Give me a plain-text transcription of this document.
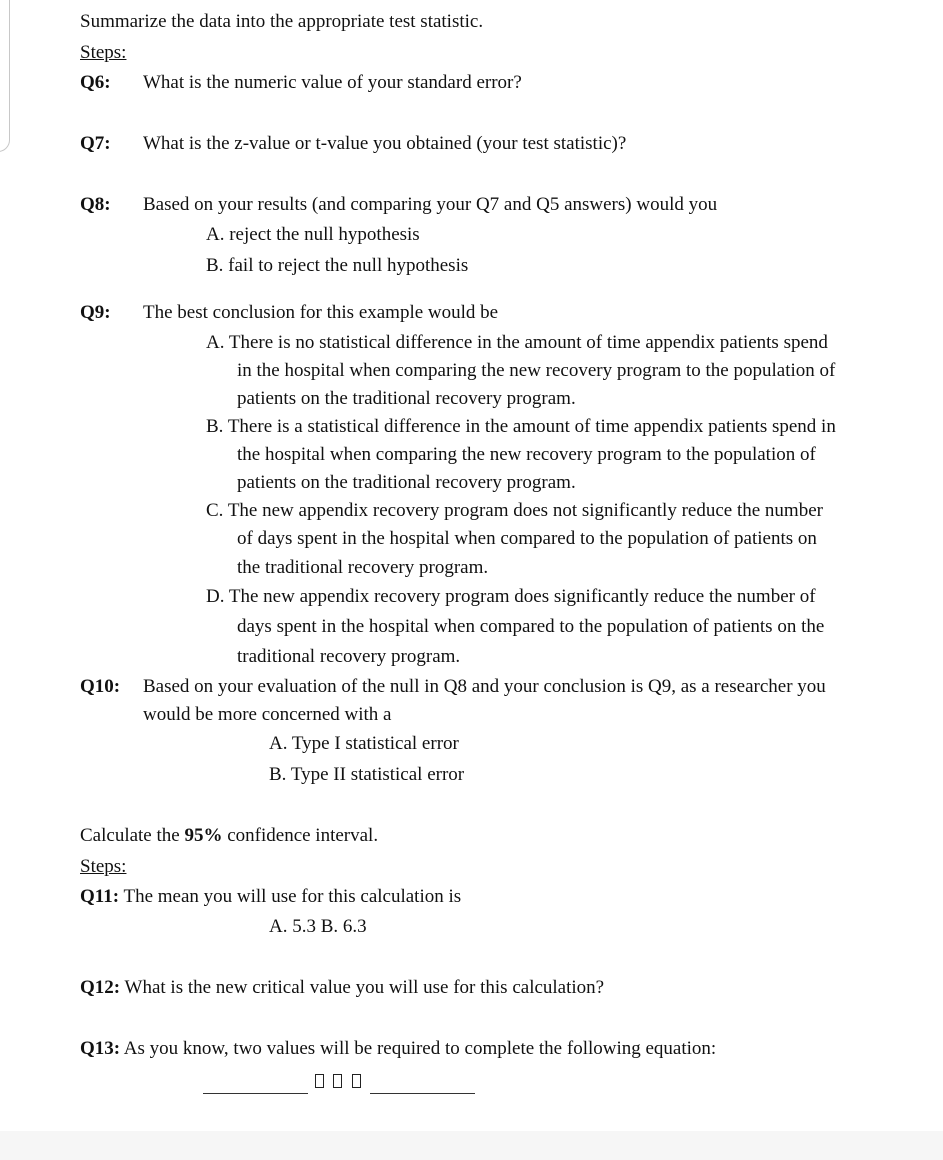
Summarize the data into the appropriate test statistic.
Steps:
Q6: What is the numeric value of your standard error?
Q7: What is the z-value or t-value you obtained (your test statistic)?
Q8: Based on your results (and comparing your Q7 and Q5 answers) would you
A. reject the null hypothesis
B. fail to reject the null hypothesis
Q9: The best conclusion for this example would be
A. There is no statistical difference in the amount of time appendix patients spend
in the hospital when comparing the new recovery program to the population of
patients on the traditional recovery program.
B. There is a statistical difference in the amount of time appendix patients spend in
the hospital when comparing the new recovery program to the population of
patients on the traditional recovery program.
C. The new appendix recovery program does not significantly reduce the number
of days spent in the hospital when compared to the population of patients on
the traditional recovery program.
D. The new appendix recovery program does significantly reduce the number of
days spent in the hospital when compared to the population of patients on the
traditional recovery program.
Q10: Based on your evaluation of the null in Q8 and your conclusion is Q9, as a researcher you
would be more concerned with a
A. Type I statistical error
B. Type II statistical error
Calculate the 95% confidence interval.
Steps:
Q11: The mean you will use for this calculation is
A. 5.3 B. 6.3
Q12: What is the new critical value you will use for this calculation?
Q13: As you know, two values will be required to complete the following equation:
